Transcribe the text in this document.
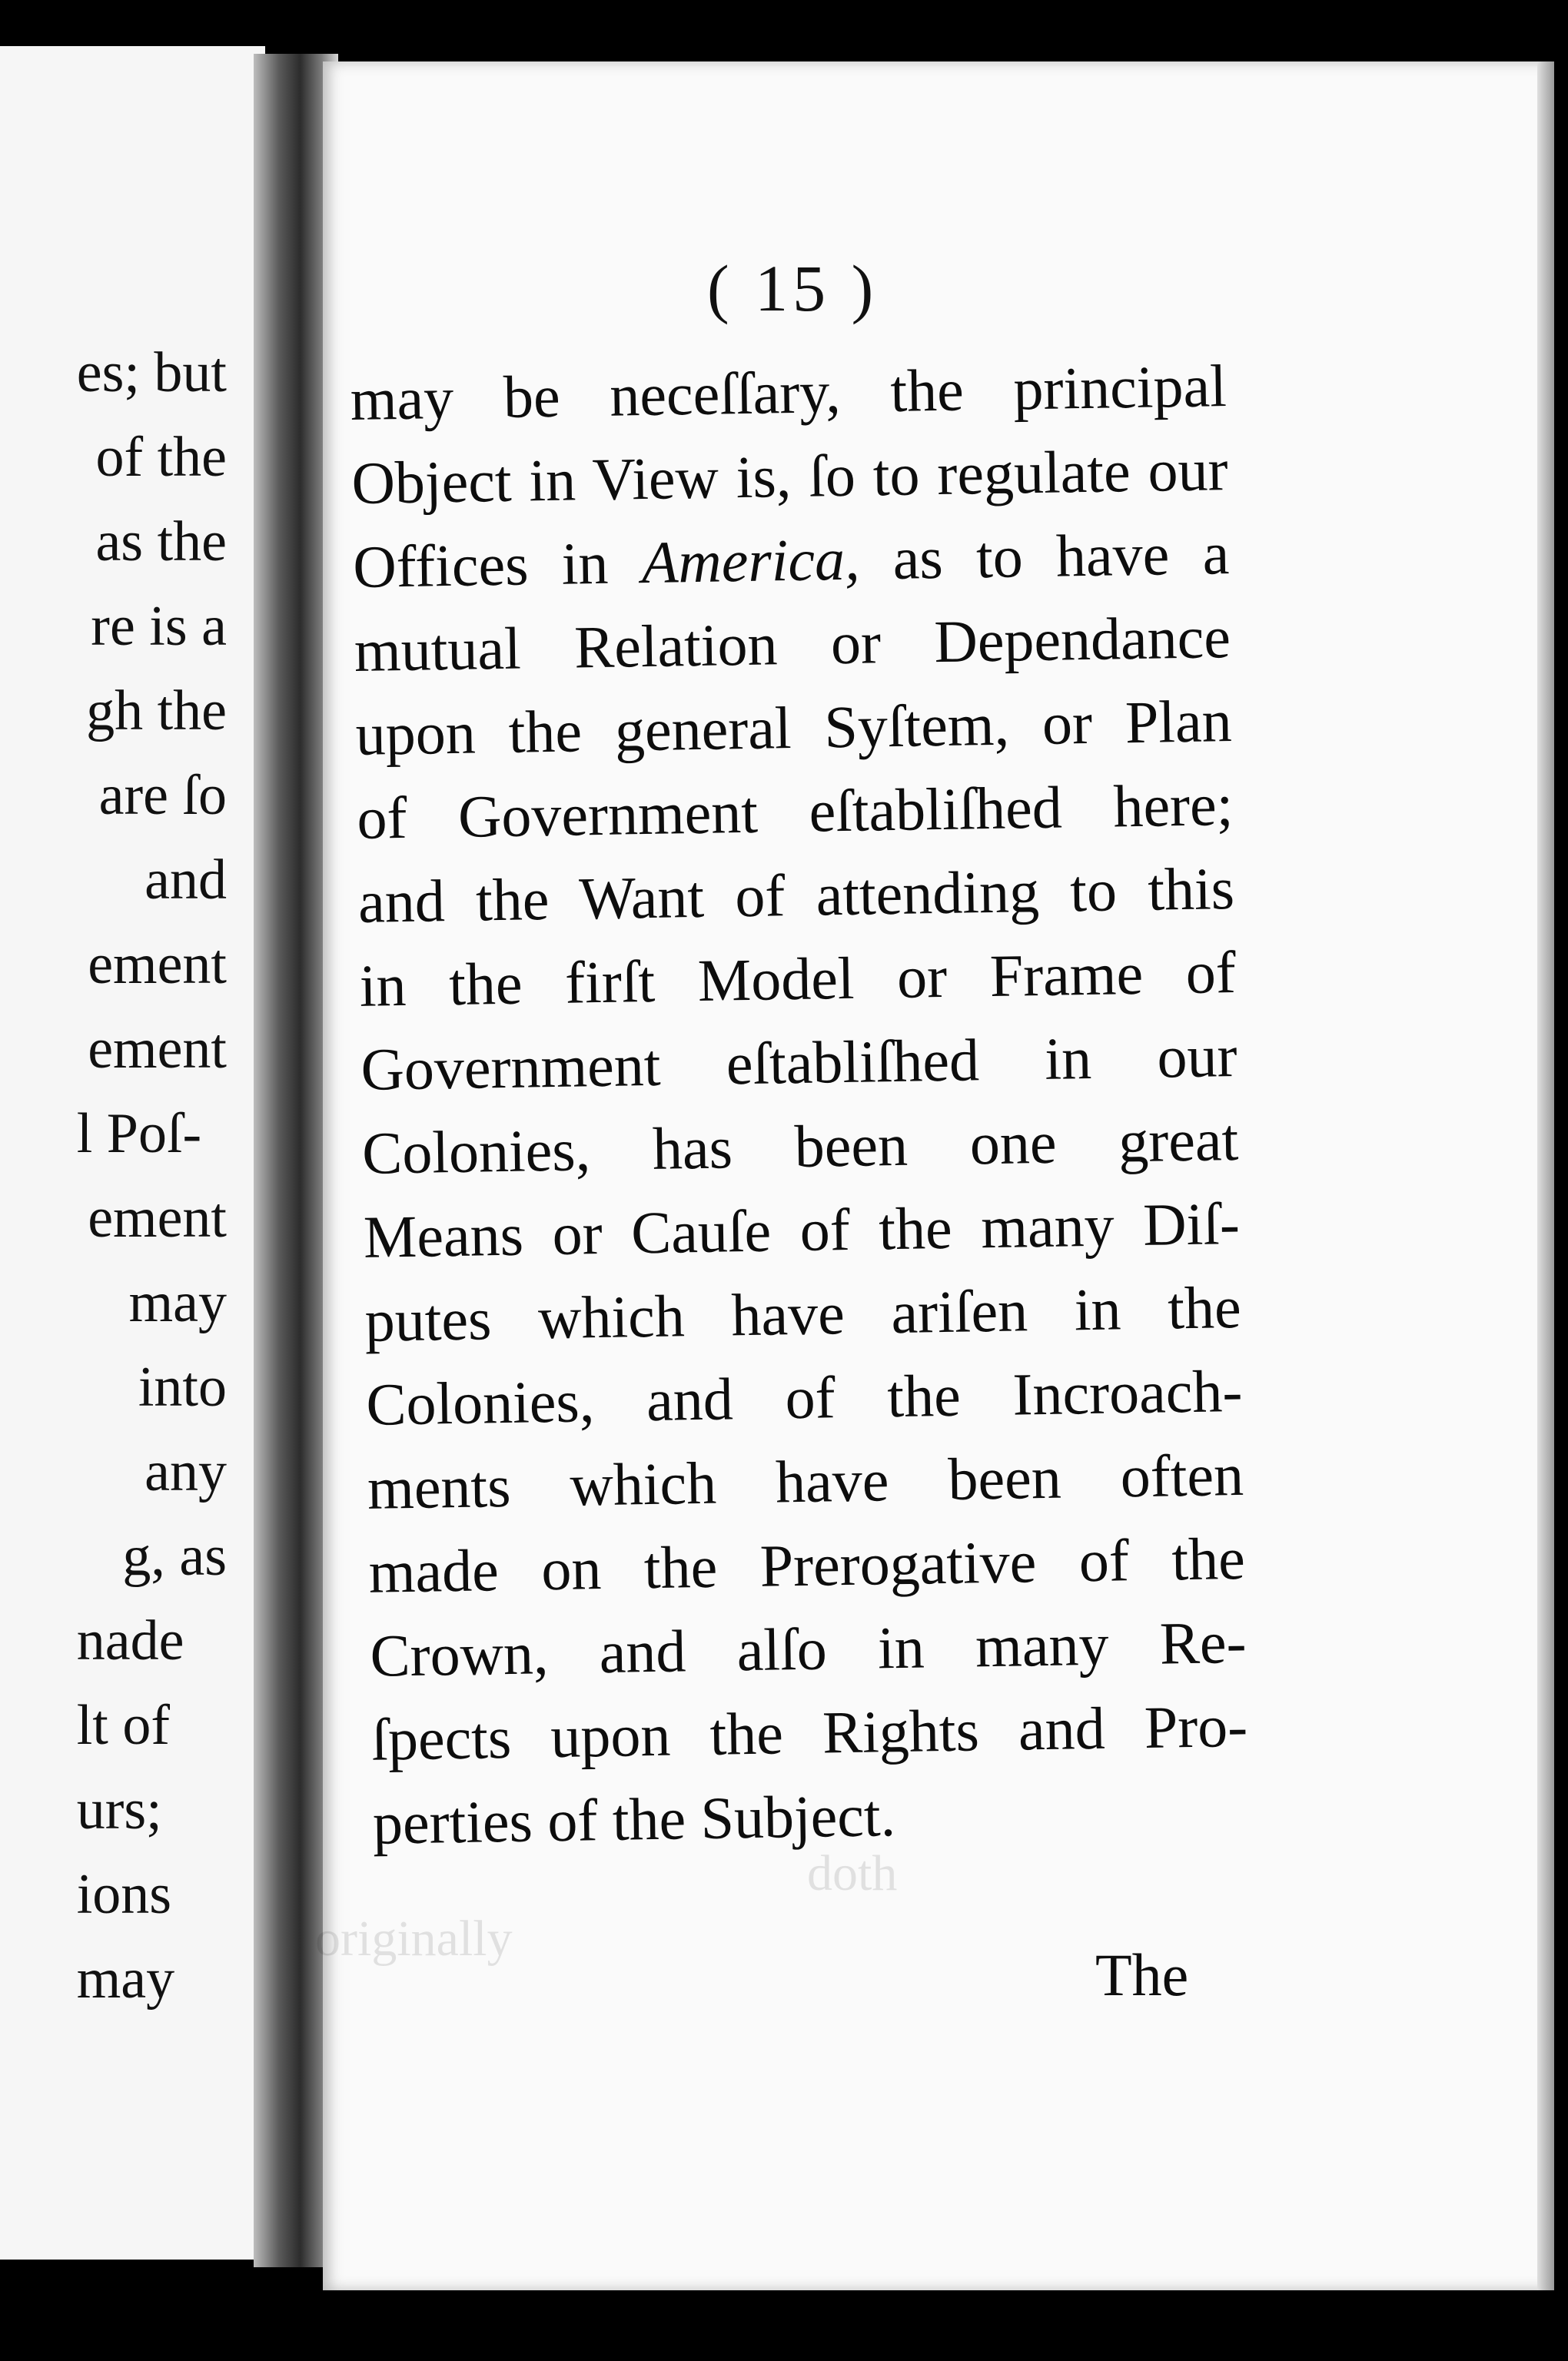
es; but
of the
as the
re is a
gh the
are ſo
and
ement
ement
l Poſ-
ement
may
into
any
g, as
nade
lt of
urs;
ions
may
doth
originally
( 15 )
may be neceſſary, the principal
Object in View is, ſo to regulate our
Offices in America, as to have a
mutual Relation or Dependance
upon the general Syſtem, or Plan
of Government eſtabliſhed here;
and the Want of attending to this
in the firſt Model or Frame of
Government eſtabliſhed in our
Colonies, has been one great
Means or Cauſe of the many Diſ-
putes which have ariſen in the
Colonies, and of the Incroach-
ments which have been often
made on the Prerogative of the
Crown, and alſo in many Re-
ſpects upon the Rights and Pro-
perties of the Subject.
The
